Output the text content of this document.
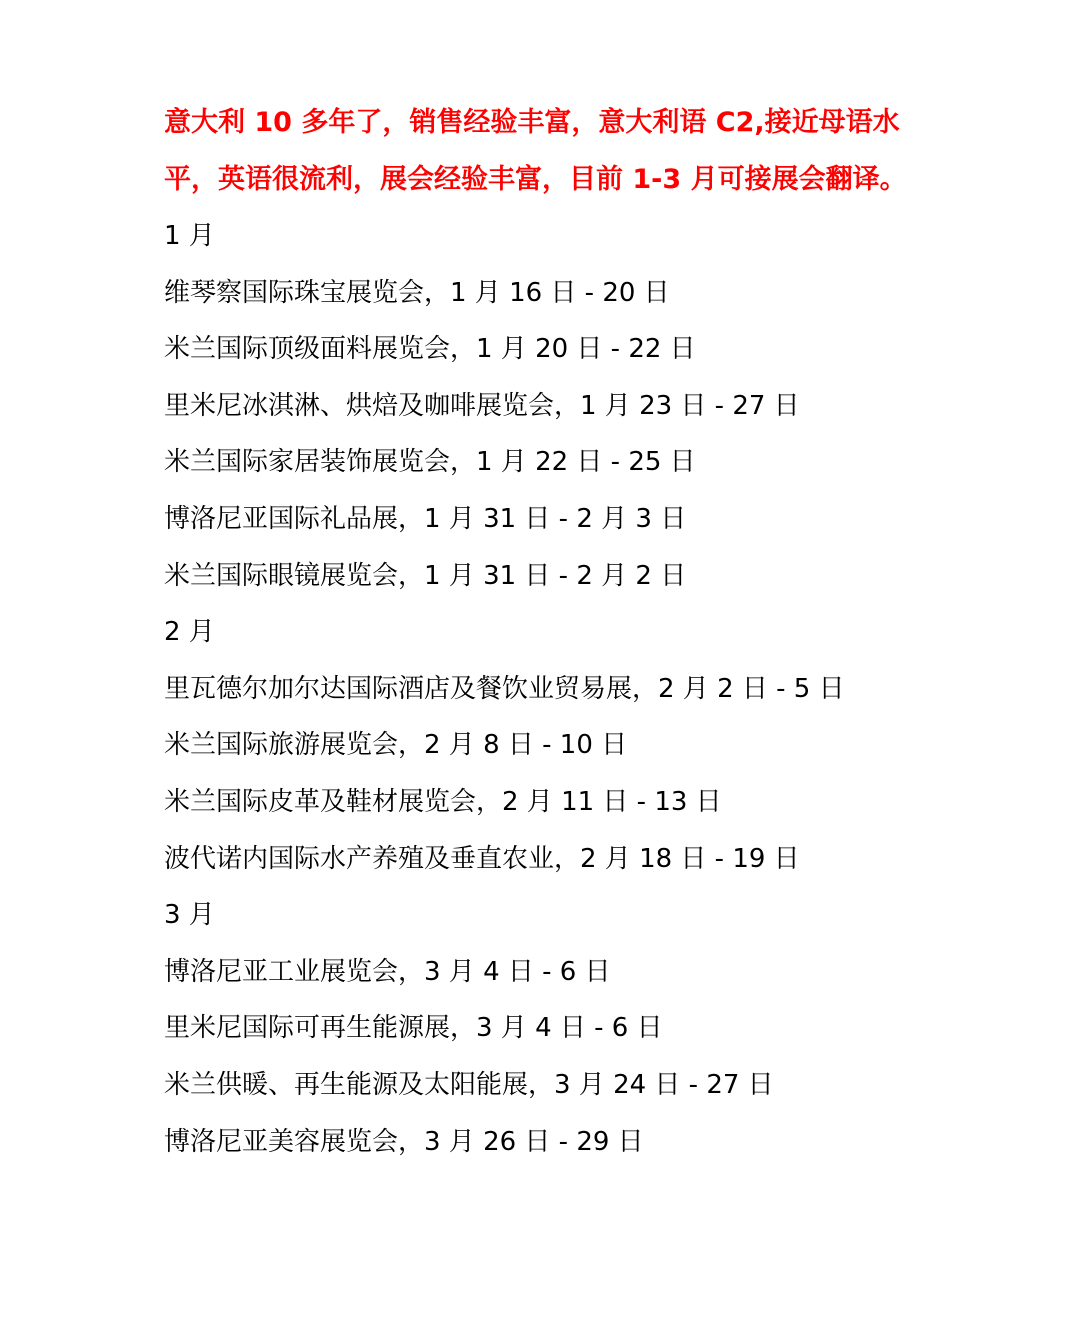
意大利 10 多年了，销售经验丰富，意大利语 C2,接近母语水平，英语很流利，展会经验丰富，目前 1-3 月可接展会翻译。

1 月

维琴察国际珠宝展览会，1 月 16 日 - 20 日

米兰国际顶级面料展览会，1 月 20 日 - 22 日

里米尼冰淇淋、烘焙及咖啡展览会，1 月 23 日 - 27 日

米兰国际家居装饰展览会，1 月 22 日 - 25 日

博洛尼亚国际礼品展，1 月 31 日 - 2 月 3 日

米兰国际眼镜展览会，1 月 31 日 - 2 月 2 日

2 月

里瓦德尔加尔达国际酒店及餐饮业贸易展，2 月 2 日 - 5 日

米兰国际旅游展览会，2 月 8 日 - 10 日

米兰国际皮革及鞋材展览会，2 月 11 日 - 13 日

波代诺内国际水产养殖及垂直农业，2 月 18 日 - 19 日

3 月

博洛尼亚工业展览会，3 月 4 日 - 6 日

里米尼国际可再生能源展，3 月 4 日 - 6 日

米兰供暖、再生能源及太阳能展，3 月 24 日 - 27 日

博洛尼亚美容展览会，3 月 26 日 - 29 日
